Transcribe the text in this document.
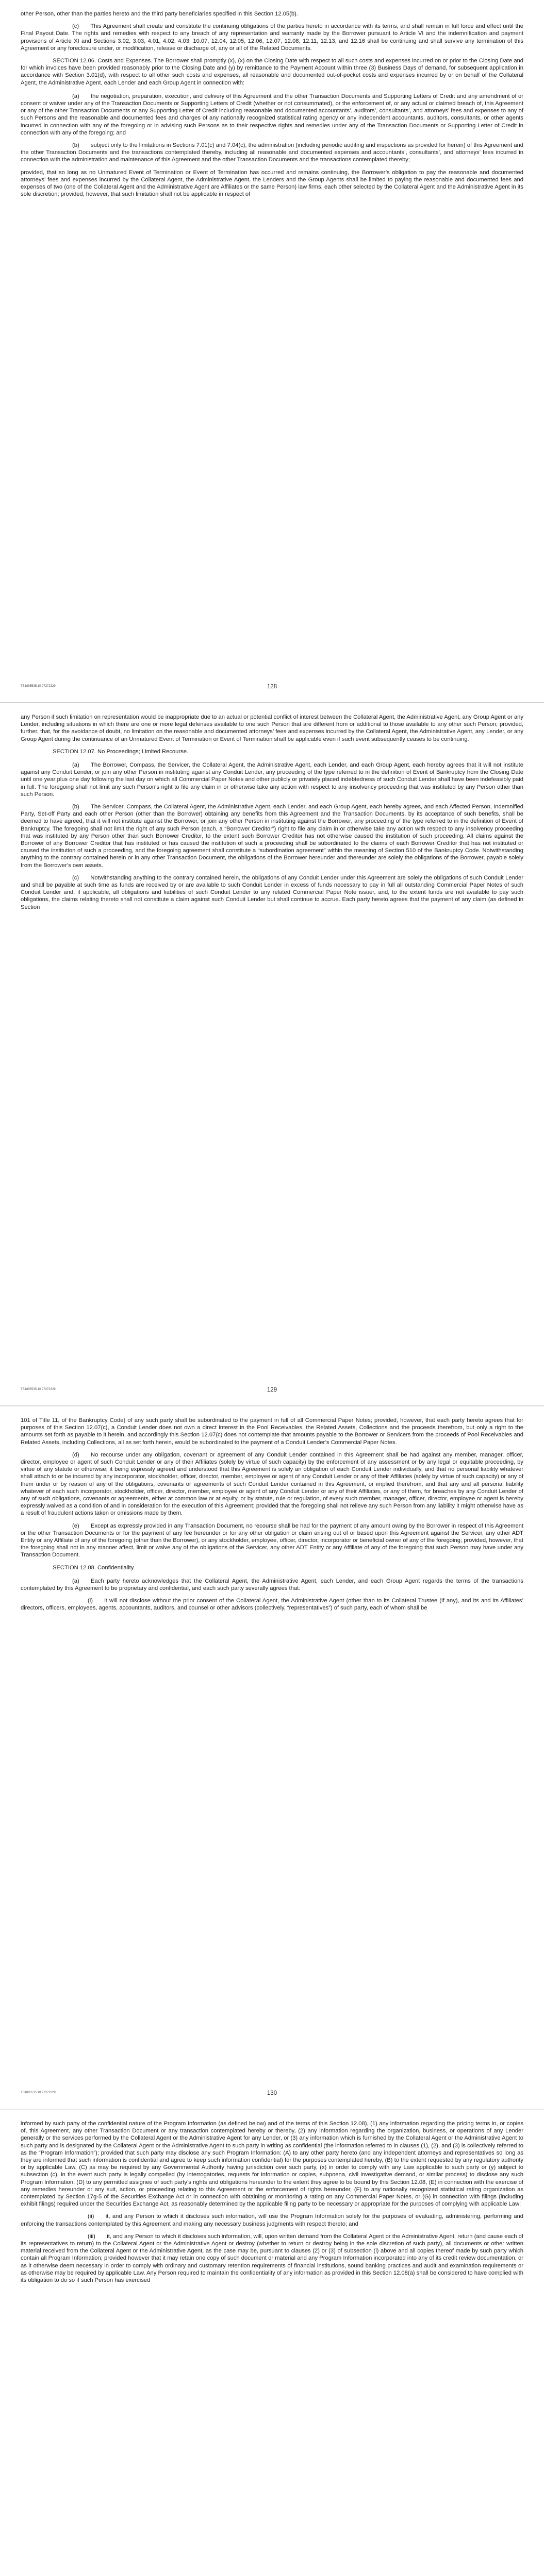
other Person, other than the parties hereto and the third party beneficiaries specified in this Section 12.05(b).

(c)  This Agreement shall create and constitute the continuing obligations of the parties hereto in accordance with its terms, and shall remain in full force and effect until the Final Payout Date. The rights and remedies with respect to any breach of any representation and warranty made by the Borrower pursuant to Article VI and the indemnification and payment provisions of Article XI and Sections 3.02, 3.03, 4.01, 4.02, 4.03, 10.07, 12.04, 12.05, 12.06, 12.07, 12.08, 12.11, 12.13, and 12.16 shall be continuing and shall survive any termination of this Agreement or any foreclosure under, or modification, release or discharge of, any or all of the Related Documents.

SECTION 12.06. Costs and Expenses. The Borrower shall promptly (x), (x) on the Closing Date with respect to all such costs and expenses incurred on or prior to the Closing Date and for which invoices have been provided reasonably prior to the Closing Date and (y) by remittance to the Payment Account within three (3) Business Days of demand, for subsequent application in accordance with Section 3.01(d), with respect to all other such costs and expenses, all reasonable and documented out-of-pocket costs and expenses incurred by or on behalf of the Collateral Agent, the Administrative Agent, each Lender and each Group Agent in connection with:

(a)  the negotiation, preparation, execution, and delivery of this Agreement and the other Transaction Documents and Supporting Letters of Credit and any amendment of or consent or waiver under any of the Transaction Documents or Supporting Letters of Credit (whether or not consummated), or the enforcement of, or any actual or claimed breach of, this Agreement or any of the other Transaction Documents or any Supporting Letter of Credit including reasonable and documented accountants’, auditors’, consultants’, and attorneys’ fees and expenses to any of such Persons and the reasonable and documented fees and charges of any nationally recognized statistical rating agency or any independent accountants, auditors, consultants, or other agents incurred in connection with any of the foregoing or in advising such Persons as to their respective rights and remedies under any of the Transaction Documents or Supporting Letter of Credit in connection with any of the foregoing; and

(b)  subject only to the limitations in Sections 7.01(c) and 7.04(c), the administration (including periodic auditing and inspections as provided for herein) of this Agreement and the other Transaction Documents and the transactions contemplated thereby, including all reasonable and documented expenses and accountants’, consultants’, and attorneys’ fees incurred in connection with the administration and maintenance of this Agreement and the other Transaction Documents and the transactions contemplated thereby;

provided, that so long as no Unmatured Event of Termination or Event of Termination has occurred and remains continuing, the Borrower’s obligation to pay the reasonable and documented attorneys’ fees and expenses incurred by the Collateral Agent, the Administrative Agent, the Lenders and the Group Agents shall be limited to paying the reasonable and documented fees and expenses of two (one of the Collateral Agent and the Administrative Agent are Affiliates or the same Person) law firms, each other selected by the Collateral Agent and the Administrative Agent in its sole discretion; provided, however, that such limitation shall not be applicable in respect of

TS1895535.10 27272329	128

any Person if such limitation on representation would be inappropriate due to an actual or potential conflict of interest between the Collateral Agent, the Administrative Agent, any Group Agent or any Lender, including situations in which there are one or more legal defenses available to one such Person that are different from or additional to those available to any other such Person; provided, further, that, for the avoidance of doubt, no limitation on the reasonable and documented attorneys’ fees and expenses incurred by the Collateral Agent, the Administrative Agent, any Lender, or any Group Agent during the continuance of an Unmatured Event of Termination or Event of Termination shall be applicable even if such event subsequently ceases to be continuing.

SECTION 12.07. No Proceedings; Limited Recourse.

(a)  The Borrower, Compass, the Servicer, the Collateral Agent, the Administrative Agent, each Lender, and each Group Agent, each hereby agrees that it will not institute against any Conduit Lender, or join any other Person in instituting against any Conduit Lender, any proceeding of the type referred to in the definition of Event of Bankruptcy from the Closing Date until one year plus one day following the last day on which all Commercial Paper Notes and other publicly or privately placed indebtedness of such Conduit Lender shall have been indefeasibly paid in full. The foregoing shall not limit any such Person’s right to file any claim in or otherwise take any action with respect to any insolvency proceeding that was instituted by any Person other than such Person.

(b)  The Servicer, Compass, the Collateral Agent, the Administrative Agent, each Lender, and each Group Agent, each hereby agrees, and each Affected Person, Indemnified Party, Set-off Party and each other Person (other than the Borrower) obtaining any benefits from this Agreement and the Transaction Documents, by its acceptance of such benefits, shall be deemed to have agreed, that it will not institute against the Borrower, or join any other Person in instituting against the Borrower, any proceeding of the type referred to in the definition of Event of Bankruptcy. The foregoing shall not limit the right of any such Person (each, a “Borrower Creditor”) right to file any claim in or otherwise take any action with respect to any insolvency proceeding that was instituted by any Person other than such Borrower Creditor, to the extent such Borrower Creditor has not otherwise caused the institution of such proceeding. All claims against the Borrower of any Borrower Creditor that has instituted or has caused the institution of such a proceeding shall be subordinated to the claims of each Borrower Creditor that has not instituted or caused the institution of such a proceeding, and the foregoing agreement shall constitute a “subordination agreement” within the meaning of Section 510 of the Bankruptcy Code. Notwithstanding anything to the contrary contained herein or in any other Transaction Document, the obligations of the Borrower hereunder and thereunder are solely the obligations of the Borrower, payable solely from the Borrower’s own assets.

(c)  Notwithstanding anything to the contrary contained herein, the obligations of any Conduit Lender under this Agreement are solely the obligations of such Conduit Lender and shall be payable at such time as funds are received by or are available to such Conduit Lender in excess of funds necessary to pay in full all outstanding Commercial Paper Notes of such Conduit Lender and, if applicable, all obligations and liabilities of such Conduit Lender to any related Commercial Paper Note issuer, and, to the extent funds are not available to pay such obligations, the claims relating thereto shall not constitute a claim against such Conduit Lender but shall continue to accrue. Each party hereto agrees that the payment of any claim (as defined in Section

TS1895535.10 27272329	129

101 of Title 11, of the Bankruptcy Code) of any such party shall be subordinated to the payment in full of all Commercial Paper Notes; provided, however, that each party hereto agrees that for purposes of this Section 12.07(c), a Conduit Lender does not own a direct interest in the Pool Receivables, the Related Assets, Collections and the proceeds therefrom, but only a right to the amounts set forth as payable to it herein, and accordingly this Section 12.07(c) does not contemplate that amounts payable to the Borrower or Servicers from the proceeds of Pool Receivables and Related Assets, including Collections, all as set forth herein, would be subordinated to the payment of a Conduit Lender’s Commercial Paper Notes.

(d)  No recourse under any obligation, covenant or agreement of any Conduit Lender contained in this Agreement shall be had against any member, manager, officer, director, employee or agent of such Conduit Lender or any of their Affiliates (solely by virtue of such capacity) by the enforcement of any assessment or by any legal or equitable proceeding, by virtue of any statute or otherwise; it being expressly agreed and understood that this Agreement is solely an obligation of each Conduit Lender individually, and that no personal liability whatever shall attach to or be incurred by any incorporator, stockholder, officer, director, member, employee or agent of any Conduit Lender or any of their Affiliates (solely by virtue of such capacity) or any of them under or by reason of any of the obligations, covenants or agreements of such Conduit Lender contained in this Agreement, or implied therefrom, and that any and all personal liability whatever of each such incorporator, stockholder, officer, director, member, employee or agent of any Conduit Lender or any of their Affiliates, or any of them, for breaches by any Conduit Lender of any of such obligations, covenants or agreements, either at common law or at equity, or by statute, rule or regulation, of every such member, manager, officer, director, employee or agent is hereby expressly waived as a condition of and in consideration for the execution of this Agreement; provided that the foregoing shall not relieve any such Person from any liability it might otherwise have as a result of fraudulent actions taken or omissions made by them.

(e)  Except as expressly provided in any Transaction Document, no recourse shall be had for the payment of any amount owing by the Borrower in respect of this Agreement or the other Transaction Documents or for the payment of any fee hereunder or for any other obligation or claim arising out of or based upon this Agreement against the Servicer, any other ADT Entity or any Affiliate of any of the foregoing (other than the Borrower), or any stockholder, employee, officer, director, incorporator or beneficial owner of any of the foregoing; provided, however, that the foregoing shall not in any manner affect, limit or waive any of the obligations of the Servicer, any other ADT Entity or any Affiliate of any of the foregoing that such Person may have under any Transaction Document.

SECTION 12.08. Confidentiality.

(a)  Each party hereto acknowledges that the Collateral Agent, the Administrative Agent, each Lender, and each Group Agent regards the terms of the transactions contemplated by this Agreement to be proprietary and confidential, and each such party severally agrees that:

(i)  it will not disclose without the prior consent of the Collateral Agent, the Administrative Agent (other than to its Collateral Trustee (if any), and its and its Affiliates’ directors, officers, employees, agents, accountants, auditors, and counsel or other advisors (collectively, “representatives”) of such party, each of whom shall be

TS1895535.10 27272329	130

informed by such party of the confidential nature of the Program Information (as defined below) and of the terms of this Section 12.08), (1) any information regarding the pricing terms in, or copies of, this Agreement, any other Transaction Document or any transaction contemplated hereby or thereby, (2) any information regarding the organization, business, or operations of any Lender generally or the services performed by the Collateral Agent or the Administrative Agent for any Lender, or (3) any information which is furnished by the Collateral Agent or the Administrative Agent to such party and is designated by the Collateral Agent or the Administrative Agent to such party in writing as confidential (the information referred to in clauses (1), (2), and (3) is collectively referred to as the “Program Information”); provided that such party may disclose any such Program Information: (A) to any other party hereto (and any independent attorneys and representatives so long as they are informed that such information is confidential and agree to keep such information confidential) for the purposes contemplated hereby, (B) to the extent requested by any regulatory authority or by applicable Law, (C) as may be required by any Governmental Authority having jurisdiction over such party, (x) in order to comply with any Law applicable to such party or (y) subject to subsection (c), in the event such party is legally compelled (by interrogatories, requests for information or copies, subpoena, civil investigative demand, or similar process) to disclose any such Program Information, (D) to any permitted assignee of such party’s rights and obligations hereunder to the extent they agree to be bound by this Section 12.08, (E) in connection with the exercise of any remedies hereunder or any suit, action, or proceeding relating to this Agreement or the enforcement of rights hereunder, (F) to any nationally recognized statistical rating organization as contemplated by Section 17g-5 of the Securities Exchange Act or in connection with obtaining or monitoring a rating on any Commercial Paper Notes, or (G) in connection with filings (including exhibit filings) required under the Securities Exchange Act, as reasonably determined by the applicable filing party to be necessary or appropriate for the purposes of complying with applicable Law;

(ii)  it, and any Person to which it discloses such information, will use the Program Information solely for the purposes of evaluating, administering, performing and enforcing the transactions contemplated by this Agreement and making any necessary business judgments with respect thereto; and

(iii)  it, and any Person to which it discloses such information, will, upon written demand from the Collateral Agent or the Administrative Agent, return (and cause each of its representatives to return) to the Collateral Agent or the Administrative Agent or destroy (whether to return or destroy being in the sole discretion of such party), all documents or other written material received from the Collateral Agent or the Administrative Agent, as the case may be, pursuant to clauses (2) or (3) of subsection (i) above and all copies thereof made by such party which contain all Program Information; provided however that it may retain one copy of such document or material and any Program Information incorporated into any of its credit review documentation, or as it otherwise deem necessary in order to comply with ordinary and customary retention requirements of financial institutions, sound banking practices and audit and examination requirements or as otherwise may be required by applicable Law. Any Person required to maintain the confidentiality of any information as provided in this Section 12.08(a) shall be considered to have complied with its obligation to do so if such Person has exercised
